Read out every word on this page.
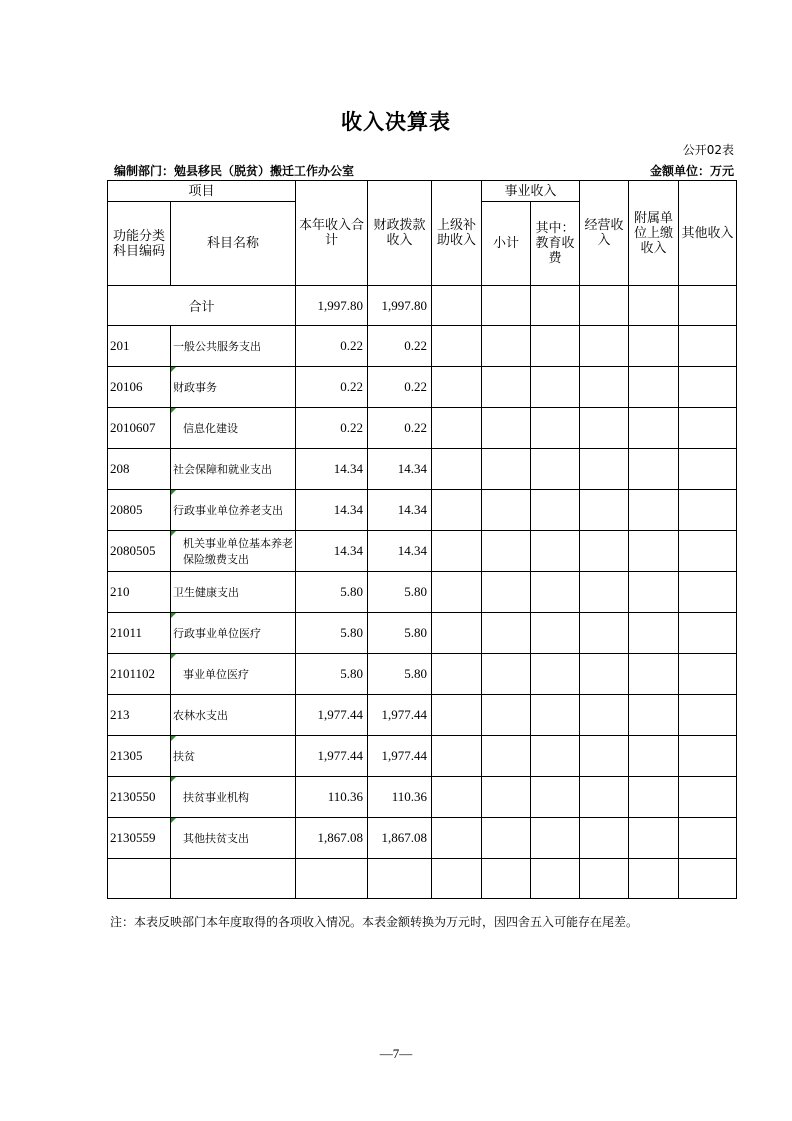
收入决算表
公开02表
编制部门：勉县移民（脱贫）搬迁工作办公室	金额单位：万元
项目		本年收入合计	财政拨款收入	上级补助收入	事业收入		经营收入	附属单位上缴收入	其他收入
功能分类科目编码	科目名称				小计	其中：教育收费			
合计		1,997.80	1,997.80						
201	一般公共服务支出	0.22	0.22						
20106	财政事务	0.22	0.22						
2010607	信息化建设	0.22	0.22						
208	社会保障和就业支出	14.34	14.34						
20805	行政事业单位养老支出	14.34	14.34						
2080505	机关事业单位基本养老保险缴费支出	14.34	14.34						
210	卫生健康支出	5.80	5.80						
21011	行政事业单位医疗	5.80	5.80						
2101102	事业单位医疗	5.80	5.80						
213	农林水支出	1,977.44	1,977.44						
21305	扶贫	1,977.44	1,977.44						
2130550	扶贫事业机构	110.36	110.36						
2130559	其他扶贫支出	1,867.08	1,867.08						

注：本表反映部门本年度取得的各项收入情况。本表金额转换为万元时，因四舍五入可能存在尾差。
—7—
